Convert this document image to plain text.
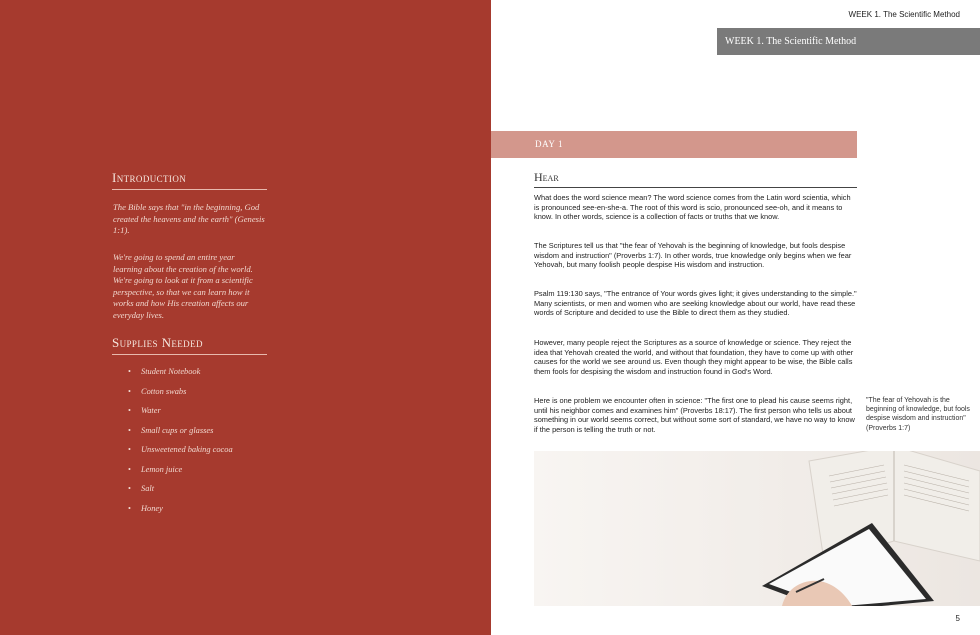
Introduction

The Bible says that "in the beginning, God created the heavens and the earth" (Genesis 1:1).

We're going to spend an entire year learning about the creation of the world. We're going to look at it from a scientific perspective, so that we can learn how it works and how His creation affects our everyday lives.

Supplies Needed
• Student Notebook
• Cotton swabs
• Water
• Small cups or glasses
• Unsweetened baking cocoa
• Lemon juice
• Salt
• Honey
WEEK 1. The Scientific Method
WEEK 1. The Scientific Method
DAY 1
Hear

What does the word science mean? The word science comes from the Latin word scientia, which is pronounced see-en-she-a. The root of this word is scio, pronounced see-oh, and it means to know. In other words, science is a collection of facts or truths that we know.

The Scriptures tell us that "the fear of Yehovah is the beginning of knowledge, but fools despise wisdom and instruction" (Proverbs 1:7). In other words, true knowledge only begins when we fear Yehovah, but many foolish people despise His wisdom and instruction.

Psalm 119:130 says, "The entrance of Your words gives light; it gives understanding to the simple." Many scientists, or men and women who are seeking knowledge about our world, have read these words of Scripture and decided to use the Bible to direct them as they studied.

However, many people reject the Scriptures as a source of knowledge or science. They reject the idea that Yehovah created the world, and without that foundation, they have to come up with other causes for the world we see around us. Even though they might appear to be wise, the Bible calls them fools for despising the wisdom and instruction found in God's Word.

Here is one problem we encounter often in science: "The first one to plead his cause seems right, until his neighbor comes and examines him" (Proverbs 18:17). The first person who tells us about something in our world seems correct, but without some sort of standard, we have no way to know if the person is telling the truth or not.

"The fear of Yehovah is the beginning of knowledge, but fools despise wisdom and instruction" (Proverbs 1:7)

5
